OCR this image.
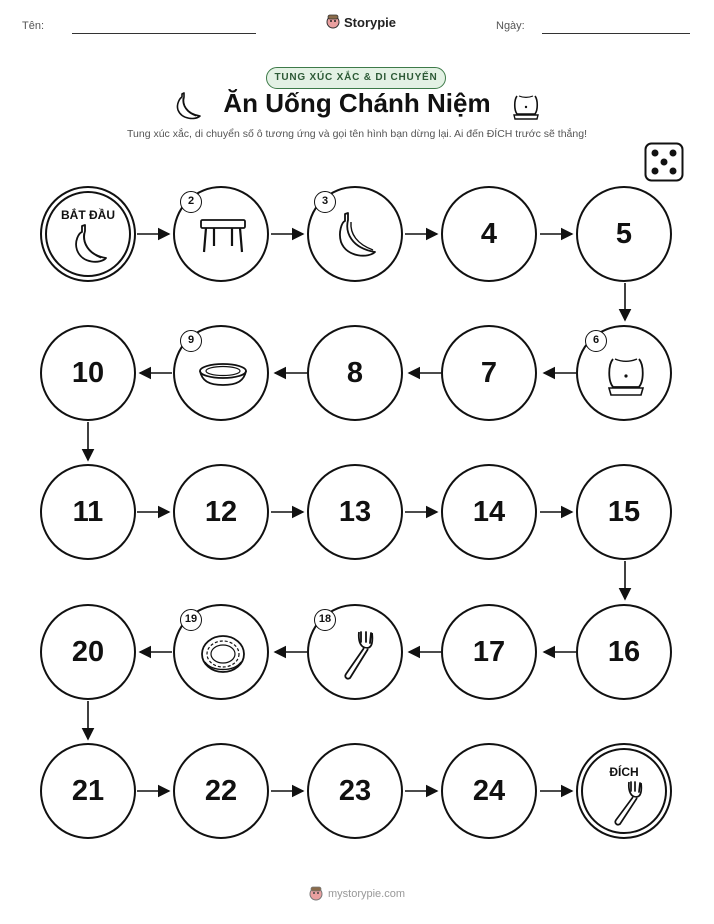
Tên:	Storypie	Ngày:
TUNG XÚC XẮC & DI CHUYỂN
Ăn Uống Chánh Niệm
Tung xúc xắc, di chuyển số ô tương ứng và gọi tên hình bạn dừng lại. Ai đến ĐÍCH trước sẽ thắng!
BẮT ĐẦU
2	3
4	5
10
9
8	7
6
11	12	13	14	15
20
19	18
17	16
21	22	23	24
ĐÍCH
mystorypie.com
